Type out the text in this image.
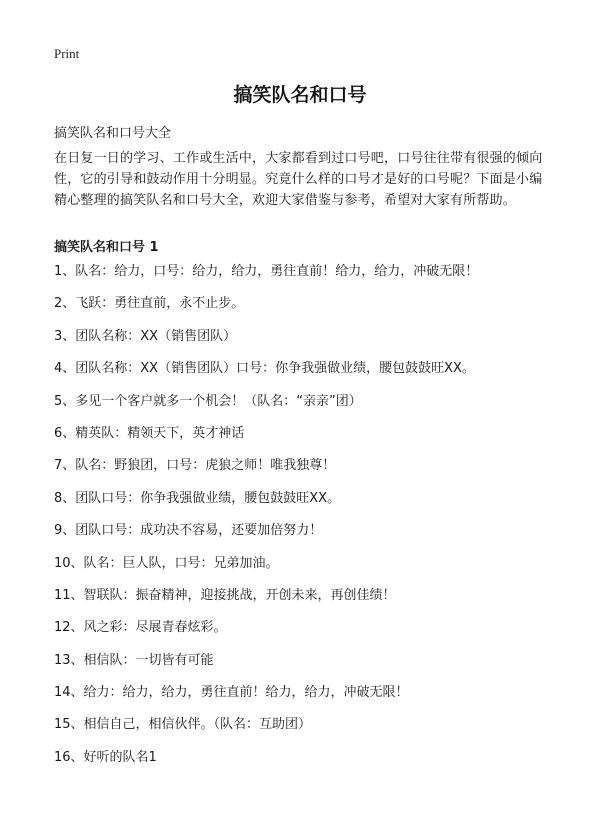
Print
搞笑队名和口号
搞笑队名和口号大全
在日复一日的学习、工作或生活中，大家都看到过口号吧，口号往往带有很强的倾向性，它的引导和鼓动作用十分明显。究竟什么样的口号才是好的口号呢？下面是小编精心整理的搞笑队名和口号大全，欢迎大家借鉴与参考，希望对大家有所帮助。
搞笑队名和口号 1
1、队名：给力，口号：给力，给力，勇往直前！给力，给力，冲破无限！
2、飞跃：勇往直前，永不止步。
3、团队名称：XX（销售团队）
4、团队名称：XX（销售团队）口号：你争我强做业绩，腰包鼓鼓旺XX。
5、多见一个客户就多一个机会！（队名：“亲亲”团）
6、精英队：精领天下，英才神话
7、队名：野狼团，口号：虎狼之师！唯我独尊！
8、团队口号：你争我强做业绩，腰包鼓鼓旺XX。
9、团队口号：成功决不容易，还要加倍努力！
10、队名：巨人队，口号：兄弟加油。
11、智联队：振奋精神，迎接挑战，开创未来，再创佳绩！
12、风之彩：尽展青春炫彩。
13、相信队：一切皆有可能
14、给力：给力，给力，勇往直前！给力，给力，冲破无限！
15、相信自己，相信伙伴。（队名：互助团）
16、好听的队名1
